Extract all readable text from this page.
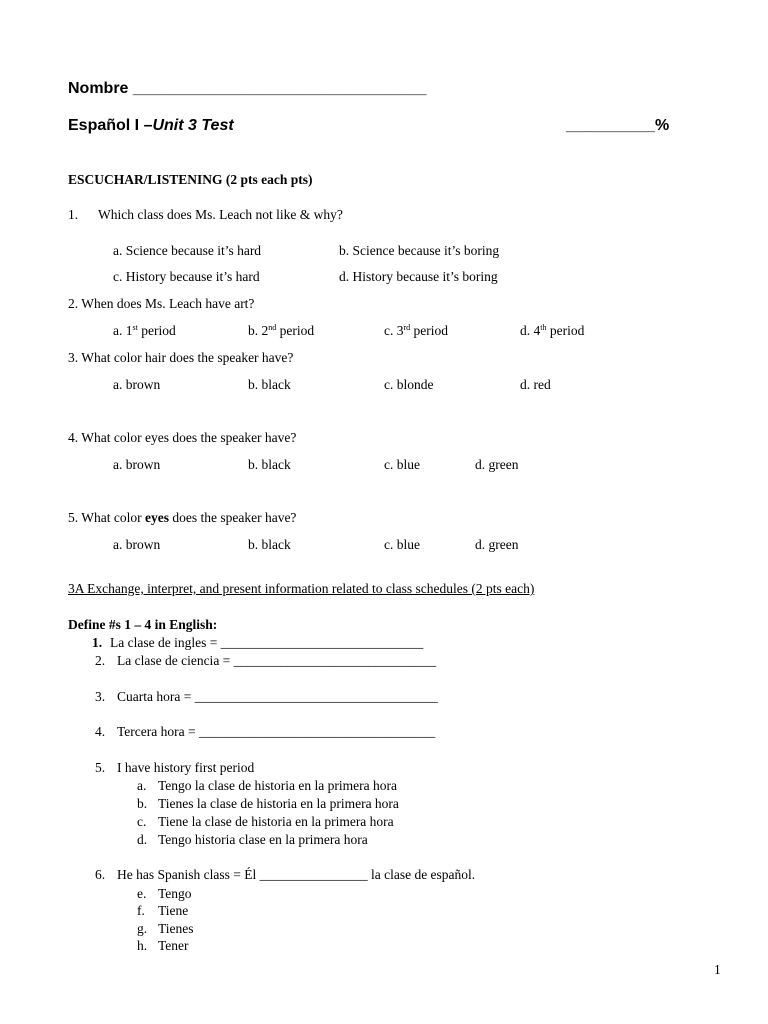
Nombre _________________________________
Español I –Unit 3 Test	__________%
ESCUCHAR/LISTENING (2 pts each pts)
1. Which class does Ms. Leach not like & why?
a. Science because it’s hard	b. Science because it’s boring
c. History because it’s hard	d. History because it’s boring
2. When does Ms. Leach have art?
a. 1st period	b. 2nd period	c. 3rd period	d. 4th period
3. What color hair does the speaker have?
a. brown	b. black	c. blonde	d. red
4. What color eyes does the speaker have?
a. brown	b. black	c. blue	d. green
5. What color eyes does the speaker have?
a. brown	b. black	c. blue	d. green
3A Exchange, interpret, and present information related to class schedules (2 pts each)
Define #s 1 – 4 in English:
1. La clase de ingles = ______________________________
2. La clase de ciencia = ______________________________
3. Cuarta hora = ____________________________________
4. Tercera hora = ___________________________________
5. I have history first period
a. Tengo la clase de historia en la primera hora
b. Tienes la clase de historia en la primera hora
c. Tiene la clase de historia en la primera hora
d. Tengo historia clase en la primera hora
6. He has Spanish class = Él ________________ la clase de español.
e. Tengo
f. Tiene
g. Tienes
h. Tener
1
